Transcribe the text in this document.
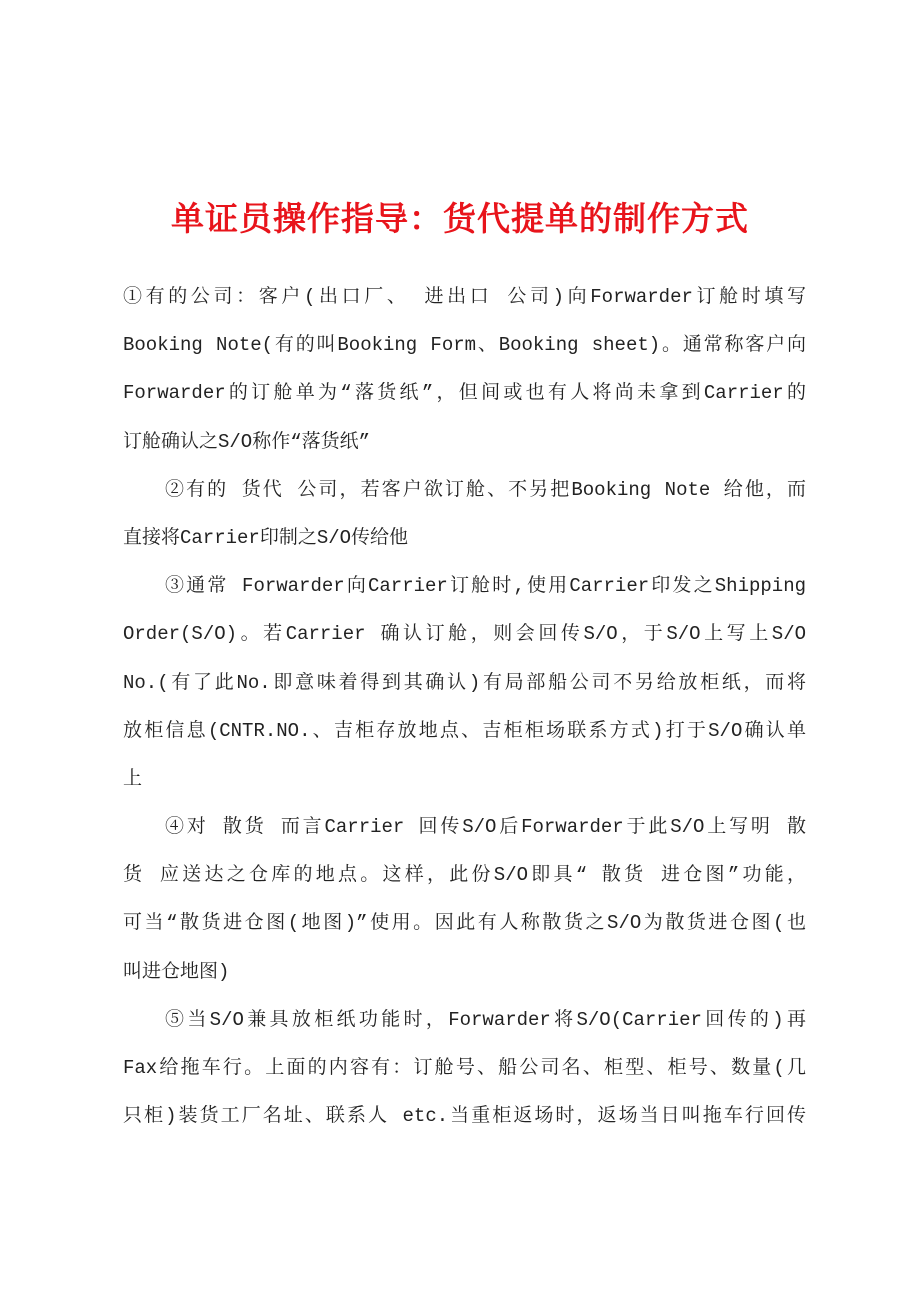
单证员操作指导：货代提单的制作方式
①有的公司：客户(出口厂、 进出口 公司)向Forwarder订舱时填写
Booking Note(有的叫Booking Form、Booking sheet)。通常称客户向
Forwarder的订舱单为“落货纸”，但间或也有人将尚未拿到Carrier的
订舱确认之S/O称作“落货纸”
②有的 货代 公司，若客户欲订舱、不另把Booking Note 给他，而
直接将Carrier印制之S/O传给他
③通常 Forwarder向Carrier订舱时,使用Carrier印发之Shipping
Order(S/O)。若Carrier 确认订舱，则会回传S/O，于S/O上写上S/O
No.(有了此No.即意味着得到其确认)有局部船公司不另给放柜纸，而将
放柜信息(CNTR.NO.、吉柜存放地点、吉柜柜场联系方式)打于S/O确认单
上
④对 散货 而言Carrier 回传S/O后Forwarder于此S/O上写明 散
货 应送达之仓库的地点。这样，此份S/O即具“ 散货 进仓图”功能，
可当“散货进仓图(地图)”使用。因此有人称散货之S/O为散货进仓图(也
叫进仓地图)
⑤当S/O兼具放柜纸功能时，Forwarder将S/O(Carrier回传的)再
Fax给拖车行。上面的内容有：订舱号、船公司名、柜型、柜号、数量(几
只柜)装货工厂名址、联系人 etc.当重柜返场时，返场当日叫拖车行回传
